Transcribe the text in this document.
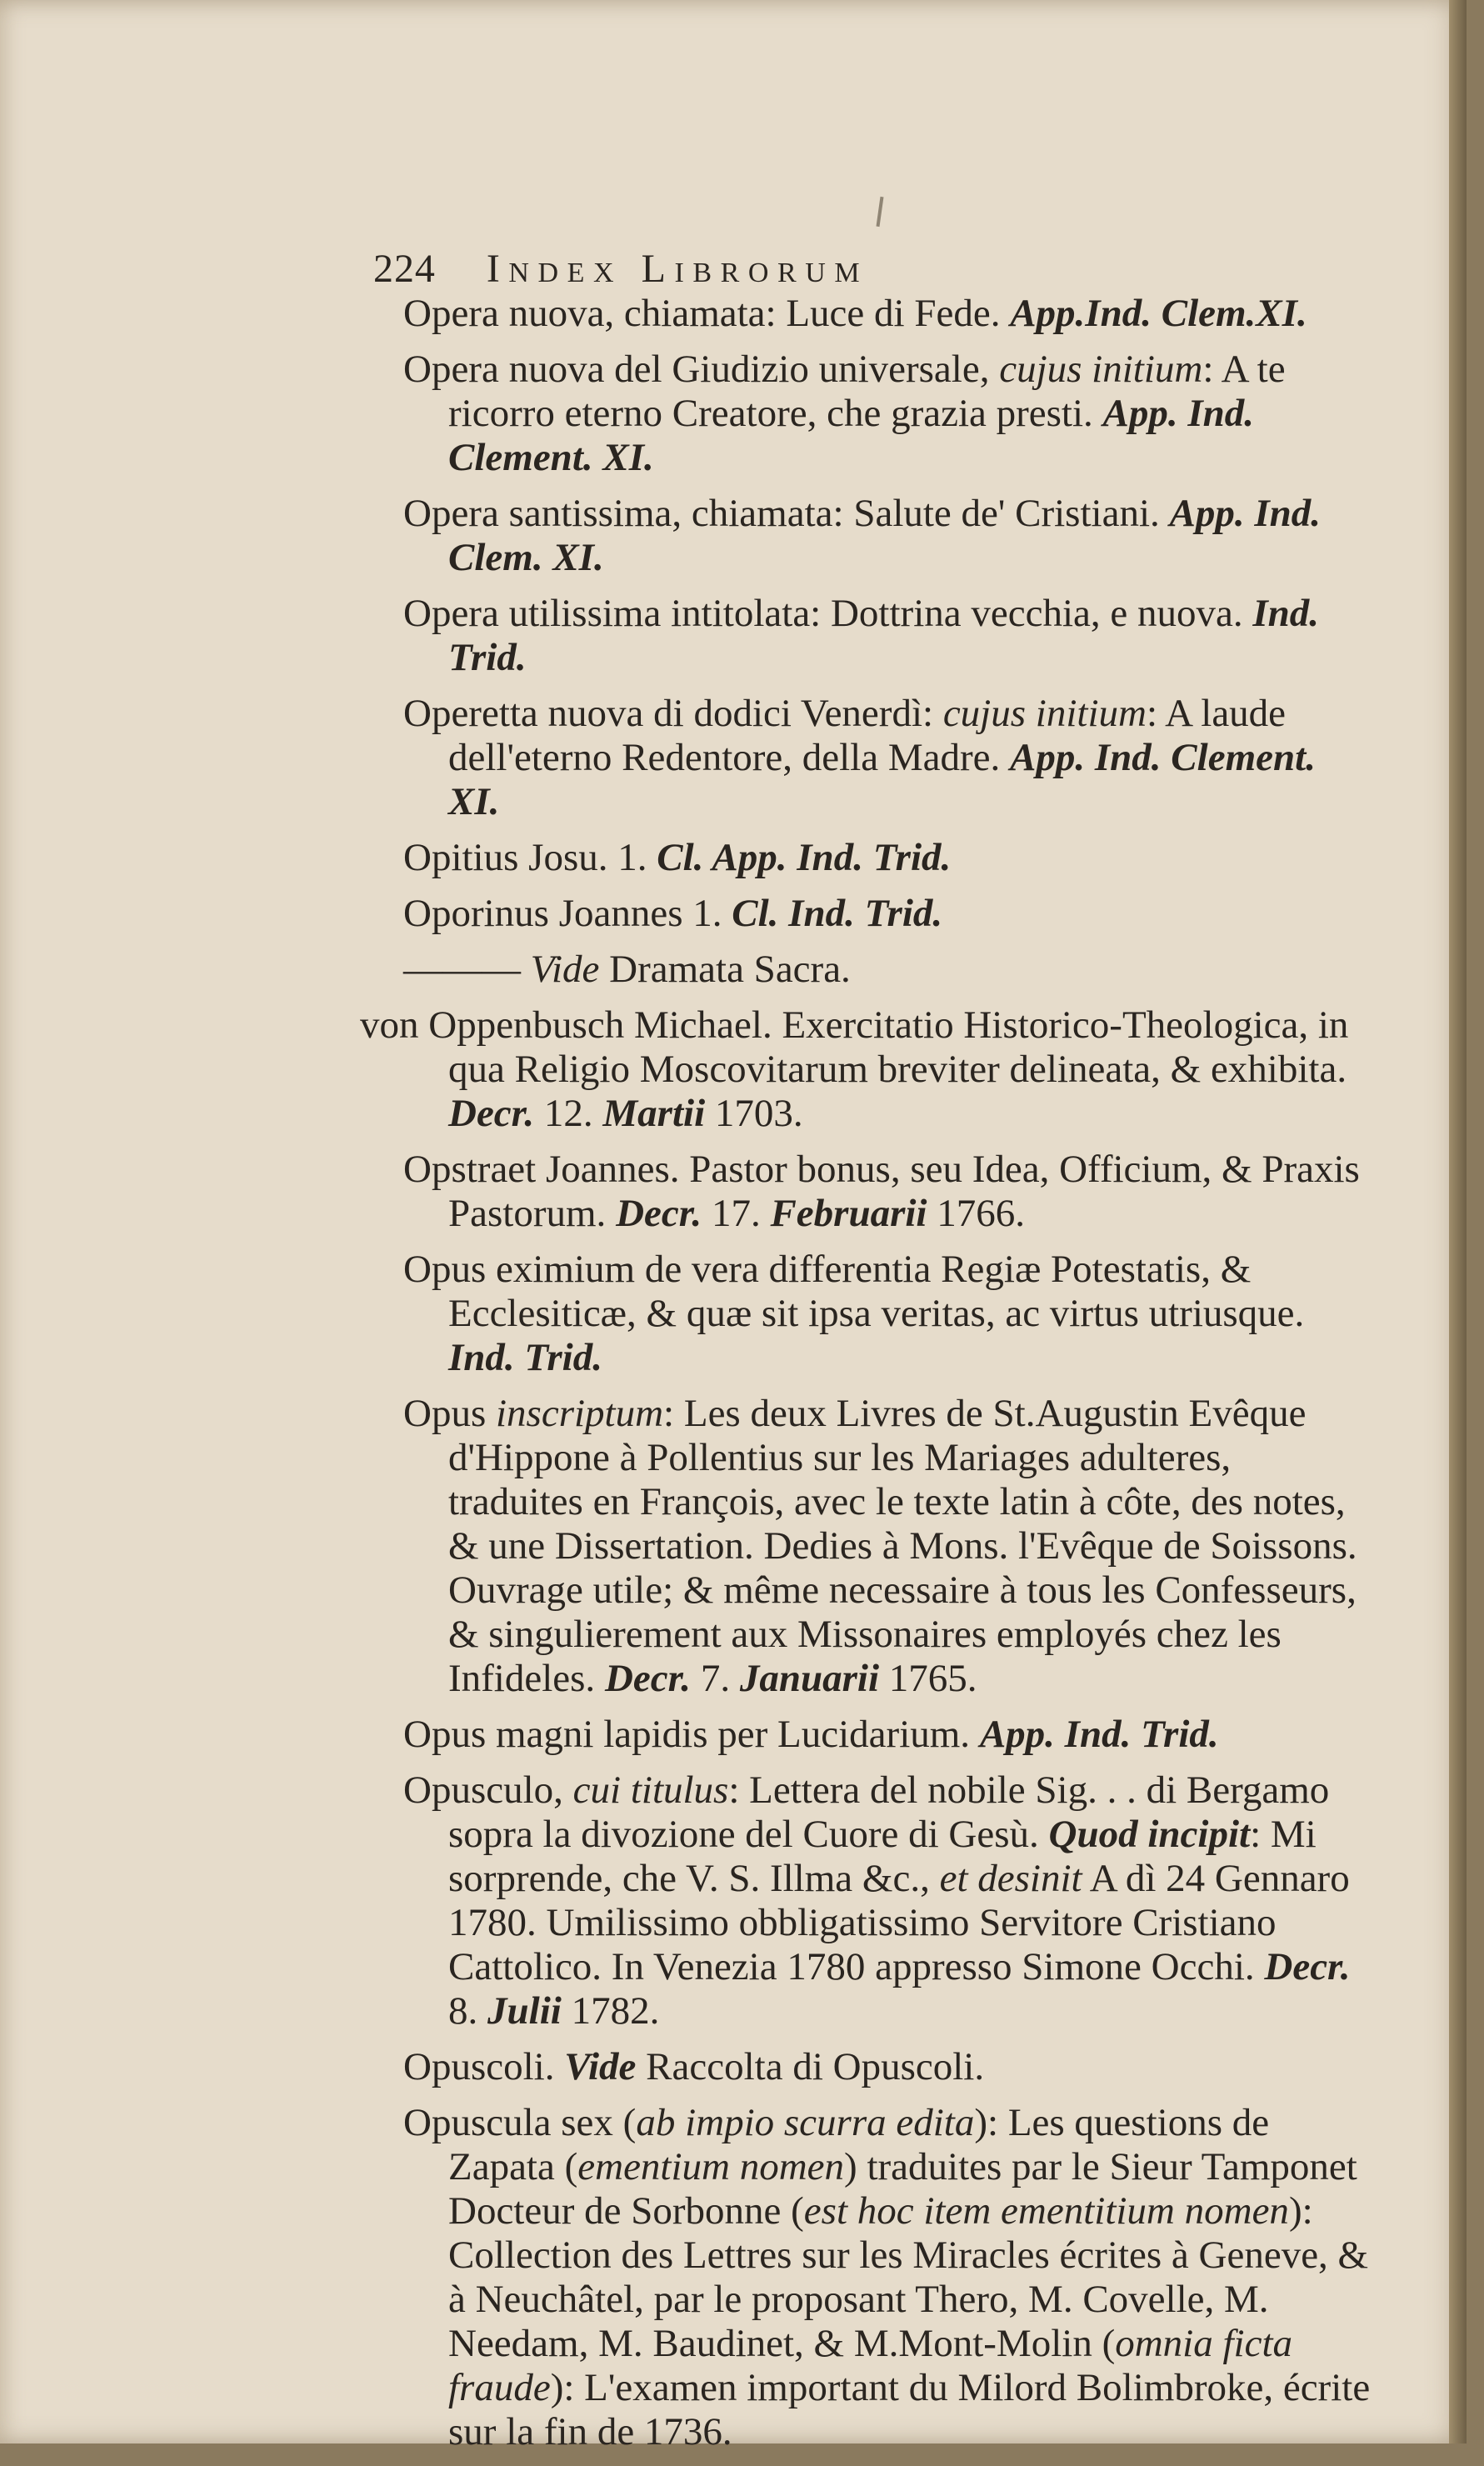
224 Index Librorum
Opera nuova, chiamata: Luce di Fede. App.Ind. Clem.XI.
Opera nuova del Giudizio universale, cujus initium: A te ricorro eterno Creatore, che grazia presti. App. Ind. Clement. XI.
Opera santissima, chiamata: Salute de' Cristiani. App. Ind. Clem. XI.
Opera utilissima intitolata: Dottrina vecchia, e nuova. Ind. Trid.
Operetta nuova di dodici Venerdì: cujus initium: A laude dell'eterno Redentore, della Madre. App. Ind. Clement. XI.
Opitius Josu. 1. Cl. App. Ind. Trid.
Oporinus Joannes 1. Cl. Ind. Trid.
——— Vide Dramata Sacra.
von Oppenbusch Michael. Exercitatio Historico-Theologica, in qua Religio Moscovitarum breviter delineata, & exhibita. Decr. 12. Martii 1703.
Opstraet Joannes. Pastor bonus, seu Idea, Officium, & Praxis Pastorum. Decr. 17. Februarii 1766.
Opus eximium de vera differentia Regiæ Potestatis, & Ecclesiticæ, & quæ sit ipsa veritas, ac virtus utriusque. Ind. Trid.
Opus inscriptum: Les deux Livres de St.Augustin Evêque d'Hippone à Pollentius sur les Mariages adulteres, traduites en François, avec le texte latin à côte, des notes, & une Dissertation. Dedies à Mons. l'Evêque de Soissons. Ouvrage utile; & même necessaire à tous les Confesseurs, & singulierement aux Missonaires employés chez les Infideles. Decr. 7. Januarii 1765.
Opus magni lapidis per Lucidarium. App. Ind. Trid.
Opusculo, cui titulus: Lettera del nobile Sig. . . di Bergamo sopra la divozione del Cuore di Gesù. Quod incipit: Mi sorprende, che V. S. Illma &c., et desinit A dì 24 Gennaro 1780. Umilissimo obbligatissimo Servitore Cristiano Cattolico. In Venezia 1780 appresso Simone Occhi. Decr. 8. Julii 1782.
Opuscoli. Vide Raccolta di Opuscoli.
Opuscula sex (ab impio scurra edita): Les questions de Zapata (ementium nomen) traduites par le Sieur Tamponet Docteur de Sorbonne (est hoc item ementitium nomen): Collection des Lettres sur les Miracles écrites à Geneve, & à Neuchâtel, par le proposant Thero, M. Covelle, M. Needam, M. Baudinet, & M.Mont-Molin (omnia ficta fraude): L'examen important du Milord Bolimbroke, écrite sur la fin de 1736.
